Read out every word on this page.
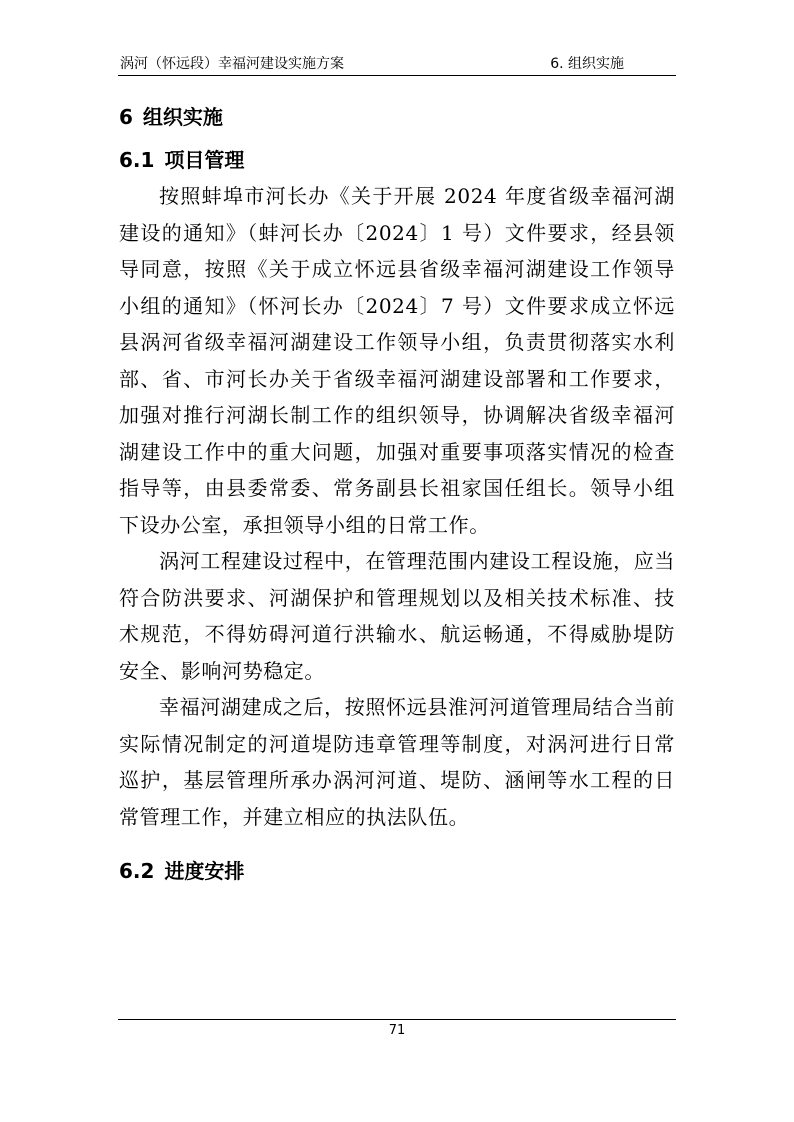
涡河（怀远段）幸福河建设实施方案	6. 组织实施
6 组织实施
6.1 项目管理

按照蚌埠市河长办《关于开展 2024 年度省级幸福河湖建设的通知》（蚌河长办〔2024〕1 号）文件要求，经县领导同意，按照《关于成立怀远县省级幸福河湖建设工作领导小组的通知》（怀河长办〔2024〕7 号）文件要求成立怀远县涡河省级幸福河湖建设工作领导小组，负责贯彻落实水利部、省、市河长办关于省级幸福河湖建设部署和工作要求，加强对推行河湖长制工作的组织领导，协调解决省级幸福河湖建设工作中的重大问题，加强对重要事项落实情况的检查指导等，由县委常委、常务副县长祖家国任组长。领导小组下设办公室，承担领导小组的日常工作。

涡河工程建设过程中，在管理范围内建设工程设施，应当符合防洪要求、河湖保护和管理规划以及相关技术标准、技术规范，不得妨碍河道行洪输水、航运畅通，不得威胁堤防安全、影响河势稳定。

幸福河湖建成之后，按照怀远县淮河河道管理局结合当前实际情况制定的河道堤防违章管理等制度，对涡河进行日常巡护，基层管理所承办涡河河道、堤防、涵闸等水工程的日常管理工作，并建立相应的执法队伍。

6.2 进度安排
71
